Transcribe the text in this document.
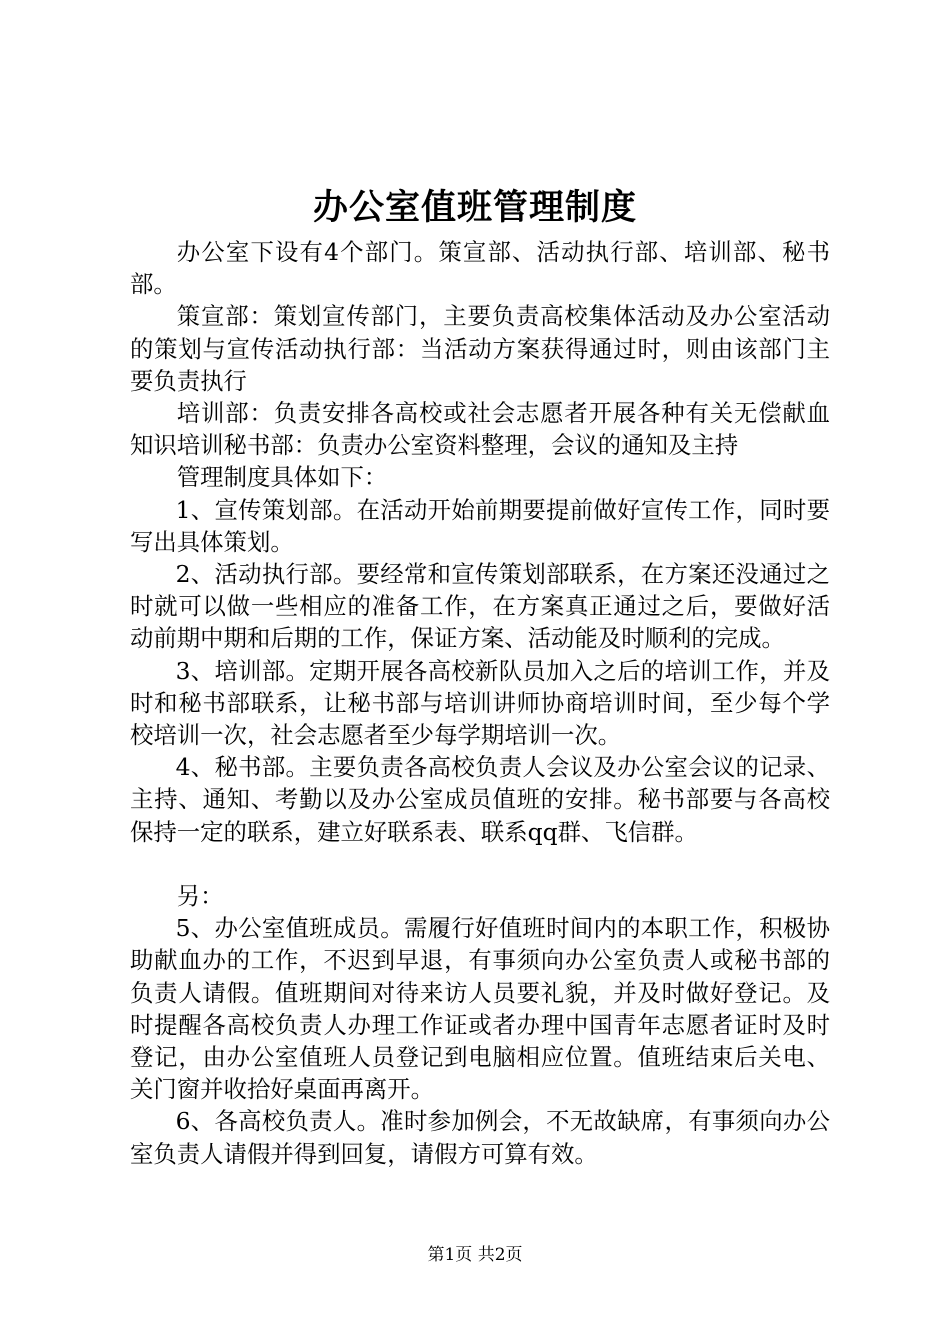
办公室值班管理制度

办公室下设有4个部门。策宣部、活动执行部、培训部、秘书部。

策宣部：策划宣传部门，主要负责高校集体活动及办公室活动的策划与宣传活动执行部：当活动方案获得通过时，则由该部门主要负责执行

培训部：负责安排各高校或社会志愿者开展各种有关无偿献血知识培训秘书部：负责办公室资料整理，会议的通知及主持

管理制度具体如下：

1、宣传策划部。在活动开始前期要提前做好宣传工作，同时要写出具体策划。

2、活动执行部。要经常和宣传策划部联系，在方案还没通过之时就可以做一些相应的准备工作，在方案真正通过之后，要做好活动前期中期和后期的工作，保证方案、活动能及时顺利的完成。

3、培训部。定期开展各高校新队员加入之后的培训工作，并及时和秘书部联系，让秘书部与培训讲师协商培训时间，至少每个学校培训一次，社会志愿者至少每学期培训一次。

4、秘书部。主要负责各高校负责人会议及办公室会议的记录、主持、通知、考勤以及办公室成员值班的安排。秘书部要与各高校保持一定的联系，建立好联系表、联系qq群、飞信群。

另：

5、办公室值班成员。需履行好值班时间内的本职工作，积极协助献血办的工作，不迟到早退，有事须向办公室负责人或秘书部的负责人请假。值班期间对待来访人员要礼貌，并及时做好登记。及时提醒各高校负责人办理工作证或者办理中国青年志愿者证时及时登记，由办公室值班人员登记到电脑相应位置。值班结束后关电、关门窗并收拾好桌面再离开。

6、各高校负责人。准时参加例会，不无故缺席，有事须向办公室负责人请假并得到回复，请假方可算有效。

第1页 共2页
